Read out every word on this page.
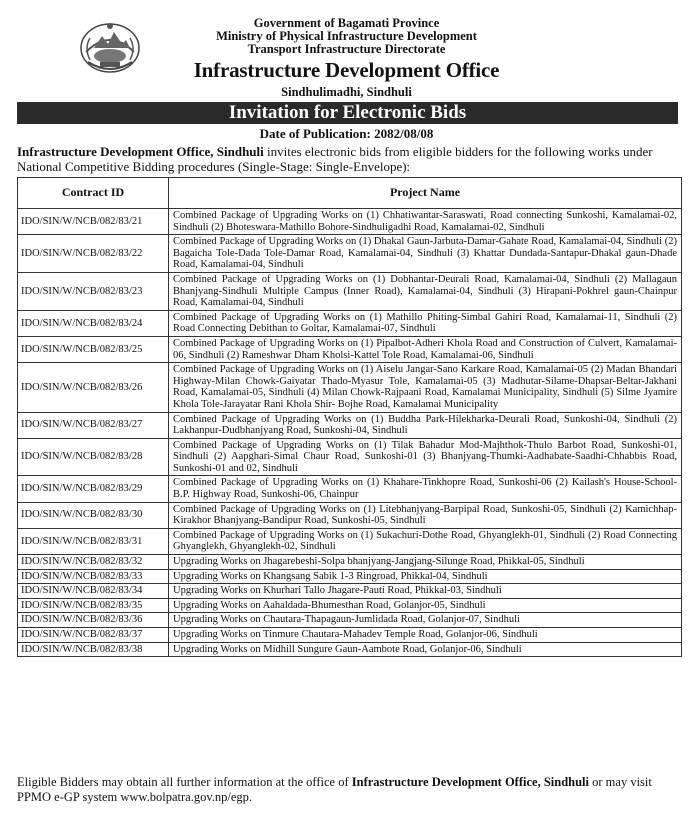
Government of Bagamati Province
Ministry of Physical Infrastructure Development
Transport Infrastructure Directorate
Infrastructure Development Office
Sindhulimadhi, Sindhuli
Invitation for Electronic Bids
Date of Publication: 2082/08/08
Infrastructure Development Office, Sindhuli invites electronic bids from eligible bidders for the following works under National Competitive Bidding procedures (Single-Stage: Single-Envelope):
Contract ID	Project Name
IDO/SIN/W/NCB/082/83/21	Combined Package of Upgrading Works on (1) Chhatiwantar-Saraswati, Road connecting Sunkoshi, Kamalamai-02, Sindhuli (2) Bhoteswara-Mathillo Bohore-Sindhuligadhi Road, Kamalamai-02, Sindhuli
IDO/SIN/W/NCB/082/83/22	Combined Package of Upgrading Works on (1) Dhakal Gaun-Jarbuta-Damar-Gahate Road, Kamalamai-04, Sindhuli (2) Bagaicha Tole-Dada Tole-Damar Road, Kamalamai-04, Sindhuli (3) Khattar Dundada-Santapur-Dhakal gaun-Dhade Road, Kamalamai-04, Sindhuli
IDO/SIN/W/NCB/082/83/23	Combined Package of Upgrading Works on (1) Dobhantar-Deurali Road, Kamalamai-04, Sindhuli (2) Mallagaun Bhanjyang-Sindhuli Multiple Campus (Inner Road), Kamalamai-04, Sindhuli (3) Hirapani-Pokhrel gaun-Chainpur Road, Kamalamai-04, Sindhuli
IDO/SIN/W/NCB/082/83/24	Combined Package of Upgrading Works on (1) Mathillo Phiting-Simbal Gahiri Road, Kamalamai-11, Sindhuli (2) Road Connecting Debithan to Goltar, Kamalamai-07, Sindhuli
IDO/SIN/W/NCB/082/83/25	Combined Package of Upgrading Works on (1) Pipalbot-Adheri Khola Road and Construction of Culvert, Kamalamai-06, Sindhuli (2) Rameshwar Dham Kholsi-Kattel Tole Road, Kamalamai-06, Sindhuli
IDO/SIN/W/NCB/082/83/26	Combined Package of Upgrading Works on (1) Aiselu Jangar-Sano Karkare Road, Kamalamai-05 (2) Madan Bhandari Highway-Milan Chowk-Gaiyatar Thado-Myasur Tole, Kamalamai-05 (3) Madhutar-Silame-Dhapsar-Beltar-Jakhani Road, Kamalamai-05, Sindhuli (4) Milan Chowk-Rajpaani Road, Kamalamai Municipality, Sindhuli (5) Silme Jyamire Khola Tole-Jarayatar Rani Khola Shir- Bojhe Road, Kamalamai Municipality
IDO/SIN/W/NCB/082/83/27	Combined Package of Upgrading Works on (1) Buddha Park-Hilekharka-Deurali Road, Sunkoshi-04, Sindhuli (2) Lakhanpur-Dudbhanjyang Road, Sunkoshi-04, Sindhuli
IDO/SIN/W/NCB/082/83/28	Combined Package of Upgrading Works on (1) Tilak Bahadur Mod-Majhthok-Thulo Barbot Road, Sunkoshi-01, Sindhuli (2) Aapghari-Simal Chaur Road, Sunkoshi-01 (3) Bhanjyang-Thumki-Aadhabate-Saadhi-Chhabbis Road, Sunkoshi-01 and 02, Sindhuli
IDO/SIN/W/NCB/082/83/29	Combined Package of Upgrading Works on (1) Khahare-Tinkhopre Road, Sunkoshi-06 (2) Kailash's House-School-B.P. Highway Road, Sunkoshi-06, Chainpur
IDO/SIN/W/NCB/082/83/30	Combined Package of Upgrading Works on (1) Litebhanjyang-Barpipal Road, Sunkoshi-05, Sindhuli (2) Kamichhap-Kirakhor Bhanjyang-Bandipur Road, Sunkoshi-05, Sindhuli
IDO/SIN/W/NCB/082/83/31	Combined Package of Upgrading Works on (1) Sukachuri-Dothe Road, Ghyanglekh-01, Sindhuli (2) Road Connecting Ghyanglekh, Ghyanglekh-02, Sindhuli
IDO/SIN/W/NCB/082/83/32	Upgrading Works on Jhagarebeshi-Solpa bhanjyang-Jangjang-Silunge Road, Phikkal-05, Sindhuli
IDO/SIN/W/NCB/082/83/33	Upgrading Works on Khangsang Sabik 1-3 Ringroad, Phikkal-04, Sindhuli
IDO/SIN/W/NCB/082/83/34	Upgrading Works on Khurhari Tallo Jhagare-Pauti Road, Phikkal-03, Sindhuli
IDO/SIN/W/NCB/082/83/35	Upgrading Works on Aahaldada-Bhumesthan Road, Golanjor-05, Sindhuli
IDO/SIN/W/NCB/082/83/36	Upgrading Works on Chautara-Thapagaun-Jumlidada Road, Golanjor-07, Sindhuli
IDO/SIN/W/NCB/082/83/37	Upgrading Works on Tinmure Chautara-Mahadev Temple Road, Golanjor-06, Sindhuli
IDO/SIN/W/NCB/082/83/38	Upgrading Works on Midhill Sungure Gaun-Aambote Road, Golanjor-06, Sindhuli
Eligible Bidders may obtain all further information at the office of Infrastructure Development Office, Sindhuli or may visit PPMO e-GP system www.bolpatra.gov.np/egp.
